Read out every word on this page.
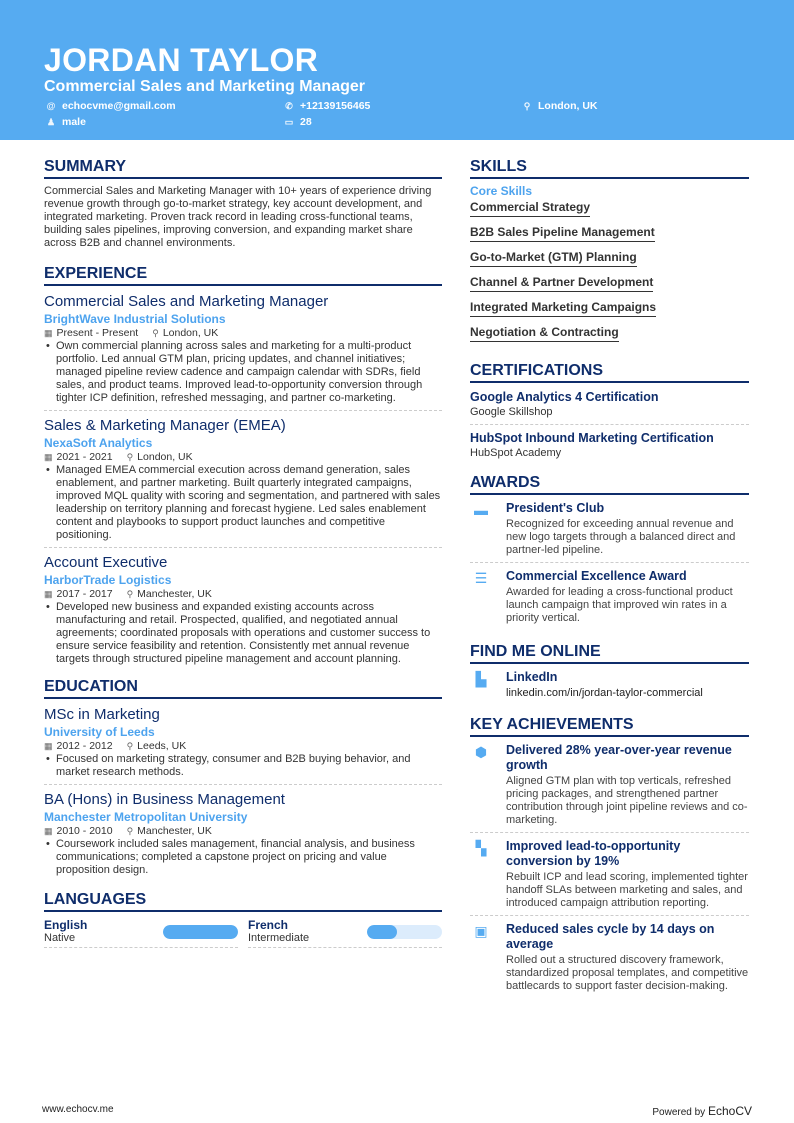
JORDAN TAYLOR
Commercial Sales and Marketing Manager
@ echocvme@gmail.com	✆ +12139156465	⚲ London, UK
♟ male	▭ 28
SUMMARY
Commercial Sales and Marketing Manager with 10+ years of experience driving revenue growth through go-to-market strategy, key account development, and integrated marketing. Proven track record in leading cross-functional teams, building sales pipelines, improving conversion, and expanding market share across B2B and channel environments.
EXPERIENCE
Commercial Sales and Marketing Manager
BrightWave Industrial Solutions
▦ Present - Present ⚲ London, UK
• Own commercial planning across sales and marketing for a multi-product portfolio. Led annual GTM plan, pricing updates, and channel initiatives; managed pipeline review cadence and campaign calendar with SDRs, field sales, and product teams. Improved lead-to-opportunity conversion through tighter ICP definition, refreshed messaging, and partner co-marketing.
Sales & Marketing Manager (EMEA)
NexaSoft Analytics
▦ 2021 - 2021 ⚲ London, UK
• Managed EMEA commercial execution across demand generation, sales enablement, and partner marketing. Built quarterly integrated campaigns, improved MQL quality with scoring and segmentation, and partnered with sales leadership on territory planning and forecast hygiene. Led sales enablement content and playbooks to support product launches and competitive positioning.
Account Executive
HarborTrade Logistics
▦ 2017 - 2017 ⚲ Manchester, UK
• Developed new business and expanded existing accounts across manufacturing and retail. Prospected, qualified, and negotiated annual agreements; coordinated proposals with operations and customer success to ensure service feasibility and retention. Consistently met annual revenue targets through structured pipeline management and account planning.
EDUCATION
MSc in Marketing
University of Leeds
▦ 2012 - 2012 ⚲ Leeds, UK
• Focused on marketing strategy, consumer and B2B buying behavior, and market research methods.
BA (Hons) in Business Management
Manchester Metropolitan University
▦ 2010 - 2010 ⚲ Manchester, UK
• Coursework included sales management, financial analysis, and business communications; completed a capstone project on pricing and value proposition design.
LANGUAGES
English
Native
French
Intermediate
SKILLS
Core Skills
Commercial Strategy
B2B Sales Pipeline Management
Go-to-Market (GTM) Planning
Channel & Partner Development
Integrated Marketing Campaigns
Negotiation & Contracting
CERTIFICATIONS
Google Analytics 4 Certification
Google Skillshop
HubSpot Inbound Marketing Certification
HubSpot Academy
AWARDS
▬	President's Club
Recognized for exceeding annual revenue and new logo targets through a balanced direct and partner-led pipeline.
☰	Commercial Excellence Award
Awarded for leading a cross-functional product launch campaign that improved win rates in a priority vertical.
FIND ME ONLINE
▙	LinkedIn
linkedin.com/in/jordan-taylor-commercial
KEY ACHIEVEMENTS
⬢	Delivered 28% year-over-year revenue growth
Aligned GTM plan with top verticals, refreshed pricing packages, and strengthened partner contribution through joint pipeline reviews and co-marketing.
▚	Improved lead-to-opportunity conversion by 19%
Rebuilt ICP and lead scoring, implemented tighter handoff SLAs between marketing and sales, and introduced campaign attribution reporting.
▣	Reduced sales cycle by 14 days on average
Rolled out a structured discovery framework, standardized proposal templates, and competitive battlecards to support faster decision-making.
www.echocv.me	Powered by EchoCV
